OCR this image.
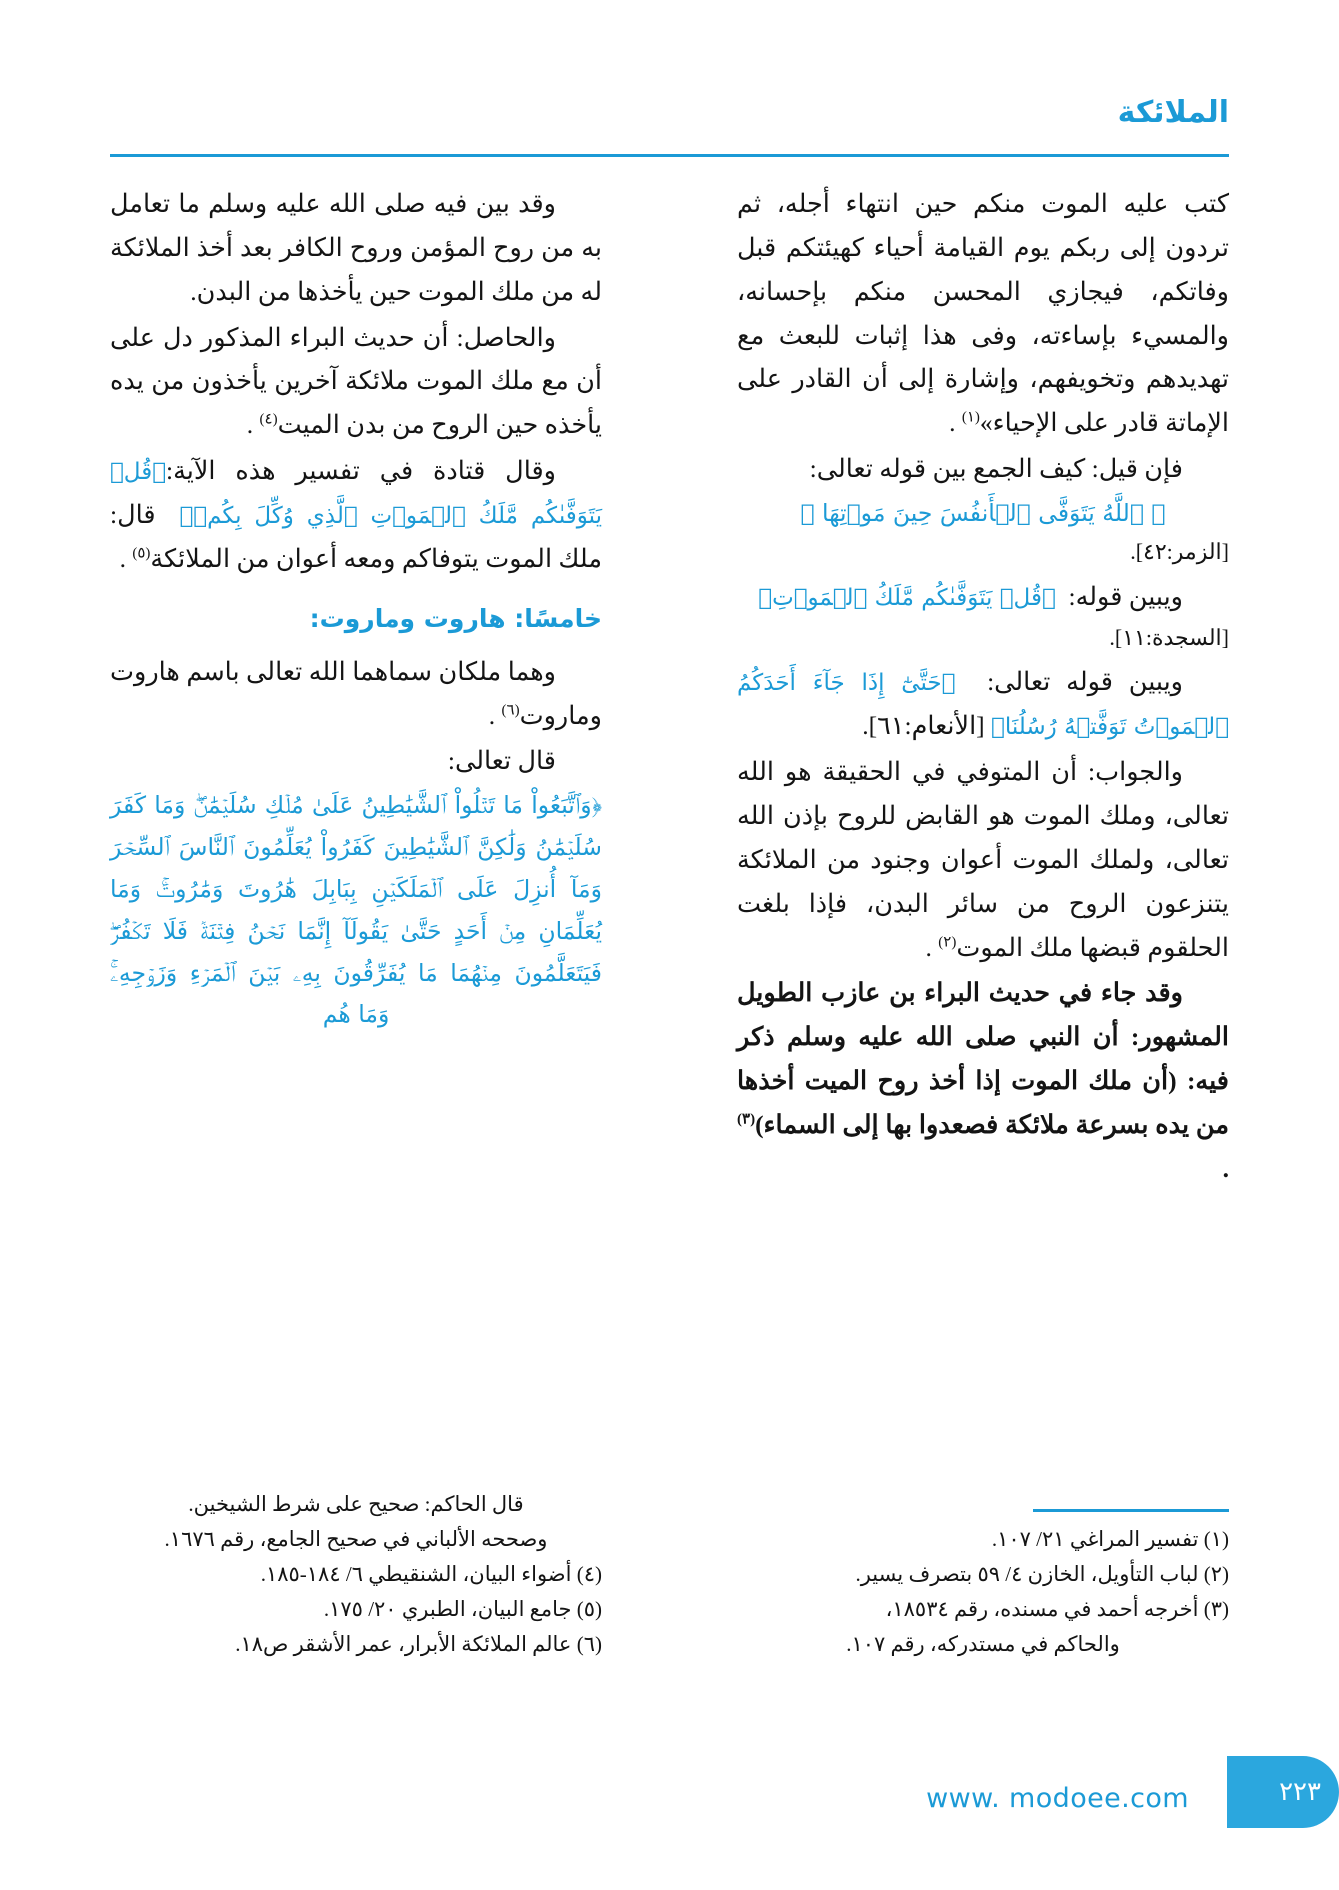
الملائكة

كتب عليه الموت منكم حين انتهاء أجله، ثم تردون إلى ربكم يوم القيامة أحياء كهيئتكم قبل وفاتكم، فيجازي المحسن منكم بإحسانه، والمسيء بإساءته، وفى هذا إثبات للبعث مع تهديدهم وتخويفهم، وإشارة إلى أن القادر على الإماتة قادر على الإحياء»$^{(١)}$ .

فإن قيل: كيف الجمع بين قوله تعالى:

﴿ ٱللَّهُ يَتَوَفَّى ٱلۡأَنفُسَ حِينَ مَوۡتِهَا ﴾
[الزمر:٤٢].

ويبين قوله:  ﴿قُلۡ يَتَوَفَّىٰكُم مَّلَكُ ٱلۡمَوۡتِ﴾

[السجدة:١١].

ويبين قوله تعالى:  ﴿حَتَّىٰٓ إِذَا جَآءَ أَحَدَكُمُ ٱلۡمَوۡتُ تَوَفَّتۡهُ رُسُلُنَا﴾ [الأنعام:٦١].

والجواب: أن المتوفي في الحقيقة هو الله تعالى، وملك الموت هو القابض للروح بإذن الله تعالى، ولملك الموت أعوان وجنود من الملائكة يتنزعون الروح من سائر البدن، فإذا بلغت الحلقوم قبضها ملك الموت$^{(٢)}$ .

وقد جاء في حديث البراء بن عازب الطويل المشهور: أن النبي صلى الله عليه وسلم ذكر فيه: (أن ملك الموت إذا أخذ روح الميت أخذها من يده بسرعة ملائكة فصعدوا بها إلى السماء)$^{(٣)}$ .

(١) تفسير المراغي ٢١/ ١٠٧.
(٢) لباب التأويل، الخازن ٤/ ٥٩ بتصرف يسير.
(٣) أخرجه أحمد في مسنده، رقم ١٨٥٣٤،
والحاكم في مستدركه، رقم ١٠٧.

وقد بين فيه صلى الله عليه وسلم ما تعامل به من روح المؤمن وروح الكافر بعد أخذ الملائكة له من ملك الموت حين يأخذها من البدن.

والحاصل: أن حديث البراء المذكور دل على أن مع ملك الموت ملائكة آخرين يأخذون من يده يأخذه حين الروح من بدن الميت$^{(٤)}$ .

وقال قتادة في تفسير هذه الآية:﴿قُلۡ يَتَوَفَّىٰكُم مَّلَكُ ٱلۡمَوۡتِ ٱلَّذِي وُكِّلَ بِكُمۡ﴾  قال: ملك الموت يتوفاكم ومعه أعوان من الملائكة$^{(٥)}$ .

خامسًا: هاروت وماروت:

وهما ملكان سماهما الله تعالى باسم هاروت وماروت$^{(٦)}$ .

قال تعالى:

﴿وَٱتَّبَعُواْ مَا تَتۡلُواْ ٱلشَّيَٰطِينُ عَلَىٰ مُلۡكِ سُلَيۡمَٰنَۖ وَمَا كَفَرَ سُلَيۡمَٰنُ وَلَٰكِنَّ ٱلشَّيَٰطِينَ كَفَرُواْ يُعَلِّمُونَ ٱلنَّاسَ ٱلسِّحۡرَ وَمَآ أُنزِلَ عَلَى ٱلۡمَلَكَيۡنِ بِبَابِلَ هَٰرُوتَ وَمَٰرُوتَۚ وَمَا يُعَلِّمَانِ مِنۡ أَحَدٍ حَتَّىٰ يَقُولَآ إِنَّمَا نَحۡنُ فِتۡنَةٞ فَلَا تَكۡفُرۡۖ فَيَتَعَلَّمُونَ مِنۡهُمَا مَا يُفَرِّقُونَ بِهِۦ بَيۡنَ ٱلۡمَرۡءِ وَزَوۡجِهِۦۚ وَمَا هُم
قال الحاكم: صحيح على شرط الشيخين.
وصححه الألباني في صحيح الجامع، رقم ١٦٧٦.
(٤) أضواء البيان، الشنقيطي ٦/ ١٨٤-١٨٥.
(٥) جامع البيان، الطبري ٢٠/ ١٧٥.
(٦) عالم الملائكة الأبرار، عمر الأشقر ص١٨.
٢٢٣
www. modoee.com
